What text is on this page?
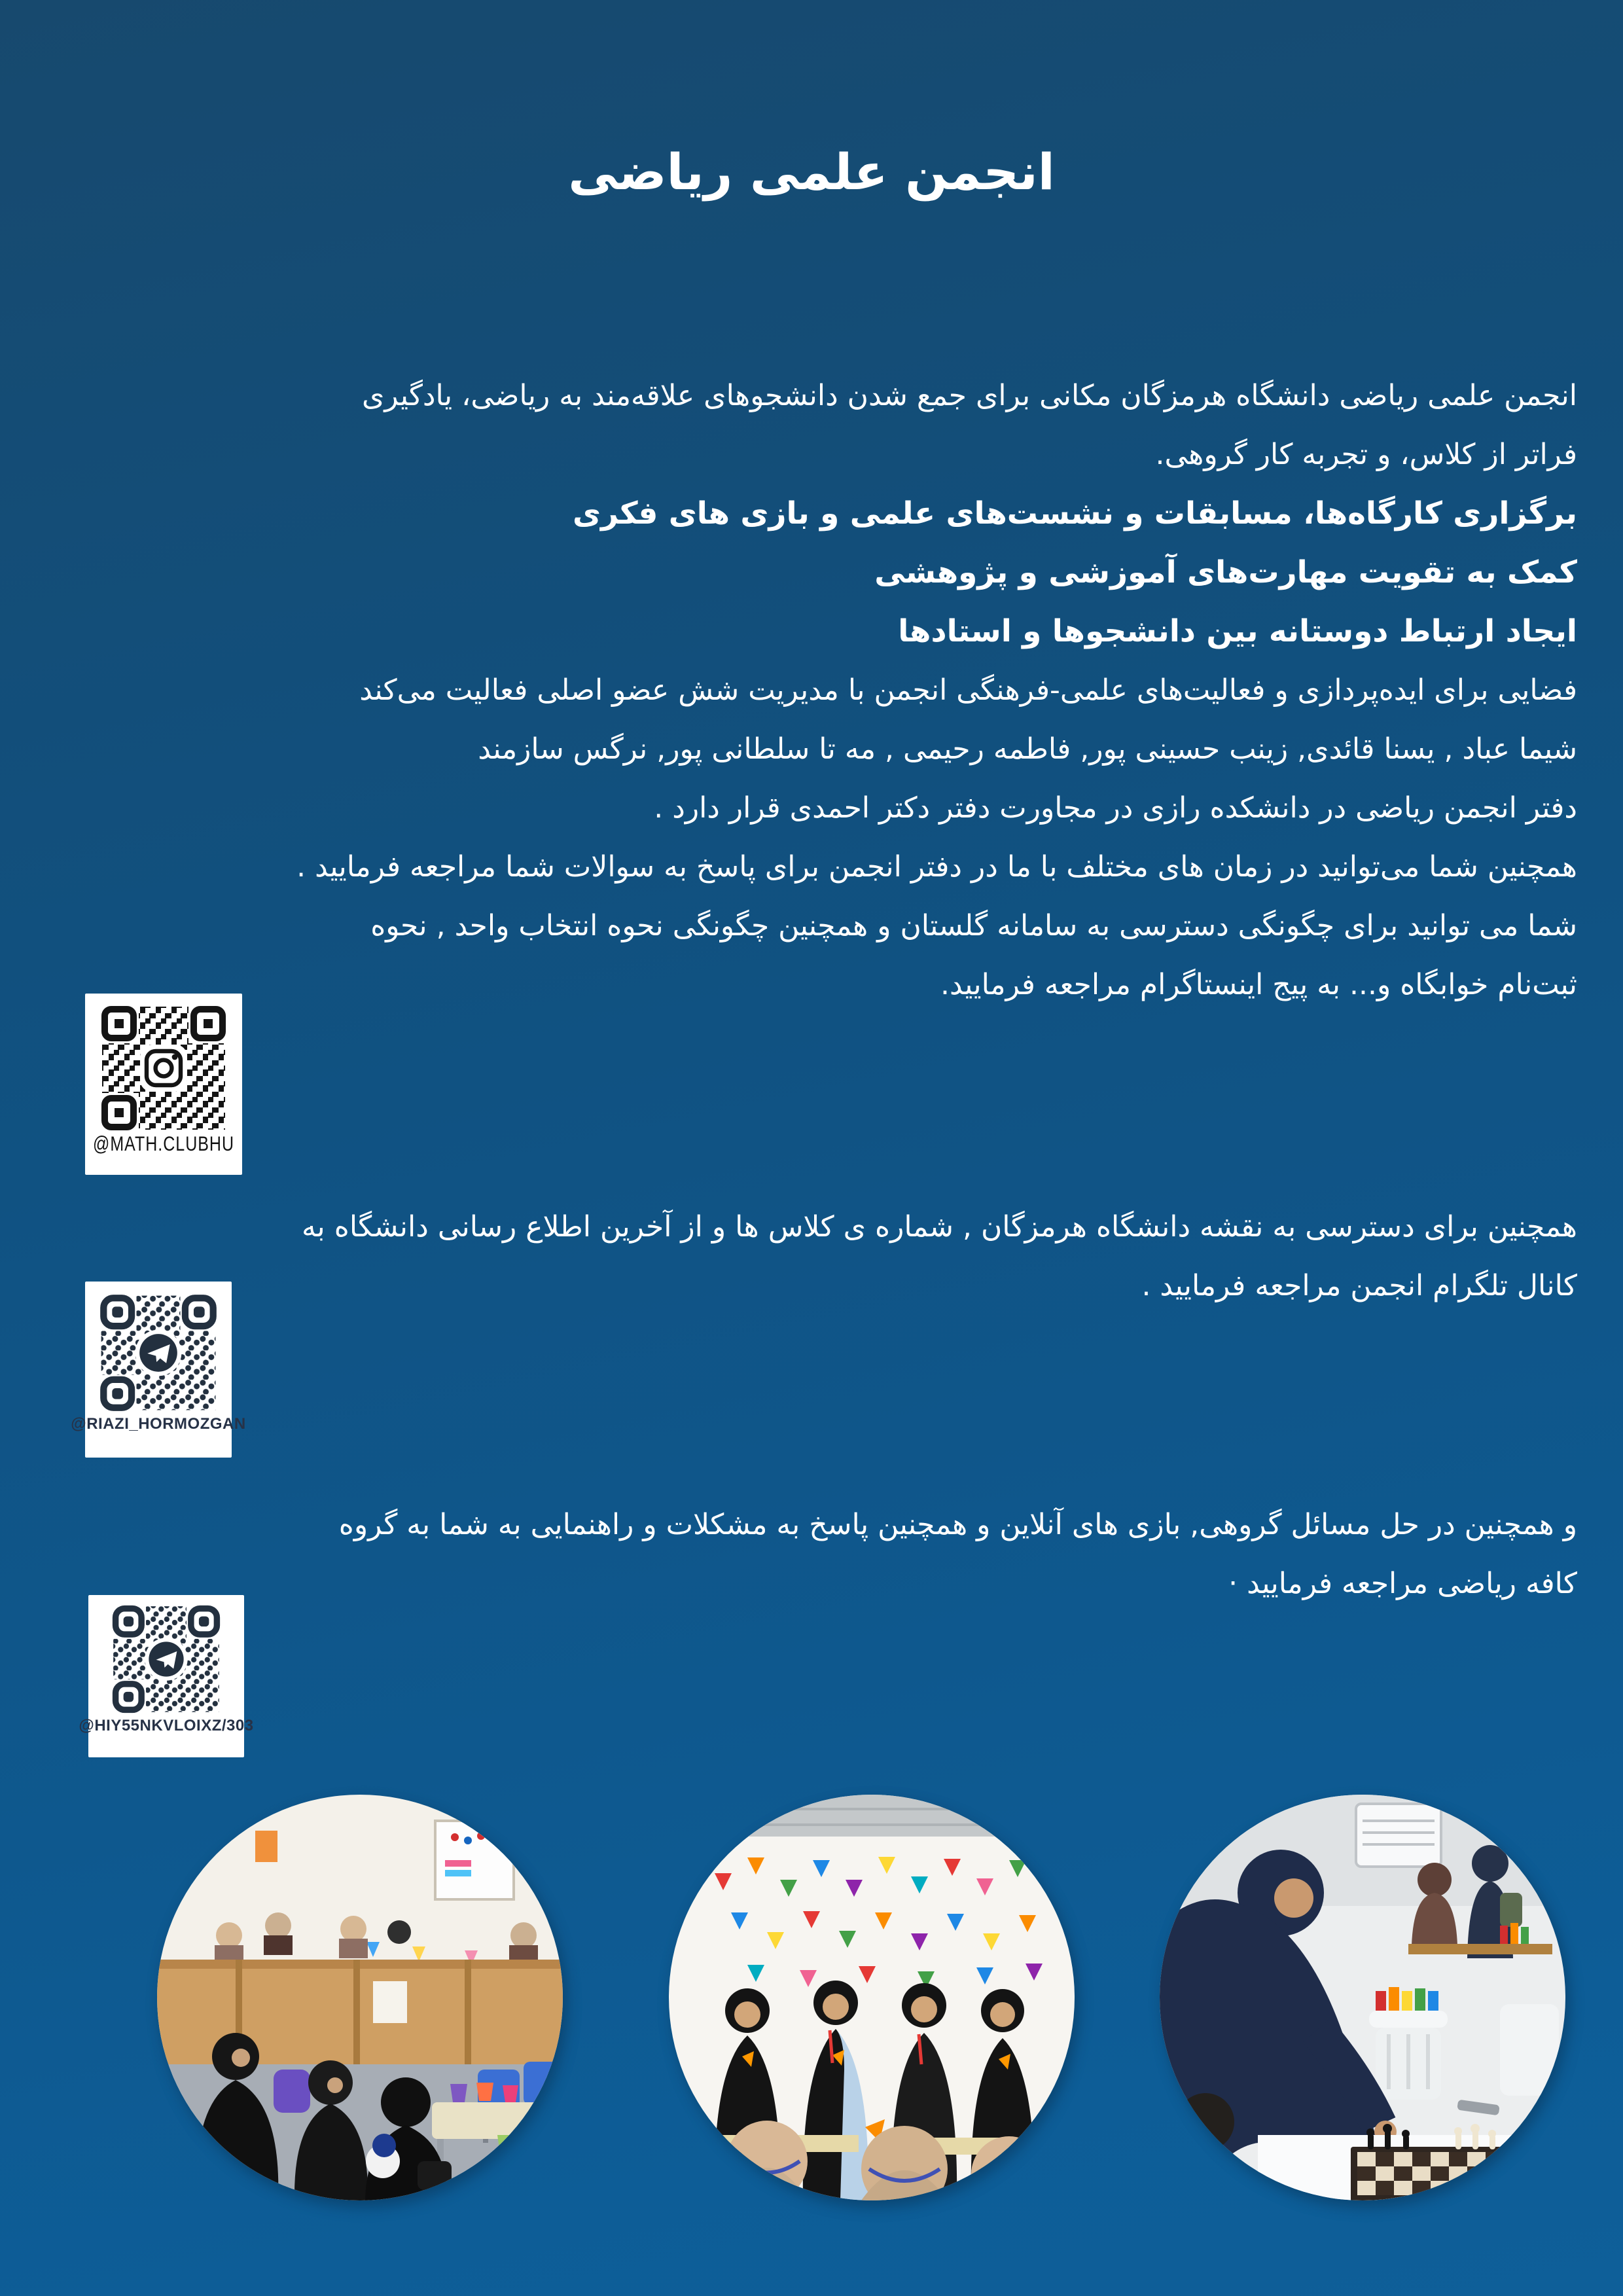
انجمن علمی ریاضی
انجمن علمی ریاضی دانشگاه هرمزگان مکانی برای جمع شدن دانشجوهای علاقه‌مند به ریاضی، یادگیری
فراتر از کلاس، و تجربه کار گروهی.
برگزاری کارگاه‌ها، مسابقات و نشست‌های علمی و بازی های فکری
کمک به تقویت مهارت‌های آموزشی و پژوهشی
ایجاد ارتباط دوستانه بین دانشجوها و استادها
فضایی برای ایده‌پردازی و فعالیت‌های علمی-فرهنگی انجمن با مدیریت شش عضو اصلی فعالیت می‌کند
شیما عباد , یسنا قائدی, زینب حسینی پور, فاطمه رحیمی , مه تا سلطانی پور, نرگس سازمند
دفتر انجمن ریاضی در دانشکده رازی در مجاورت دفتر دکتر احمدی قرار دارد .
همچنین شما می‌توانید در زمان های مختلف با ما در دفتر انجمن برای پاسخ به سوالات شما مراجعه فرمایید .
شما می توانید برای چگونگی دسترسی به سامانه گلستان و همچنین چگونگی نحوه انتخاب واحد , نحوه
ثبت‌نام خوابگاه و... به پیج اینستاگرام مراجعه فرمایید.
@MATH.CLUBHU
همچنین برای دسترسی به نقشه دانشگاه هرمزگان , شماره ی کلاس ها و از آخرین اطلاع رسانی دانشگاه به
کانال تلگرام انجمن مراجعه فرمایید .
@RIAZI_HORMOZGAN
و همچنین در حل مسائل گروهی, بازی های آنلاین و همچنین پاسخ به مشکلات و راهنمایی به شما به گروه
کافه ریاضی مراجعه فرمایید ·
@HIY55NKVLOIXZ/303
